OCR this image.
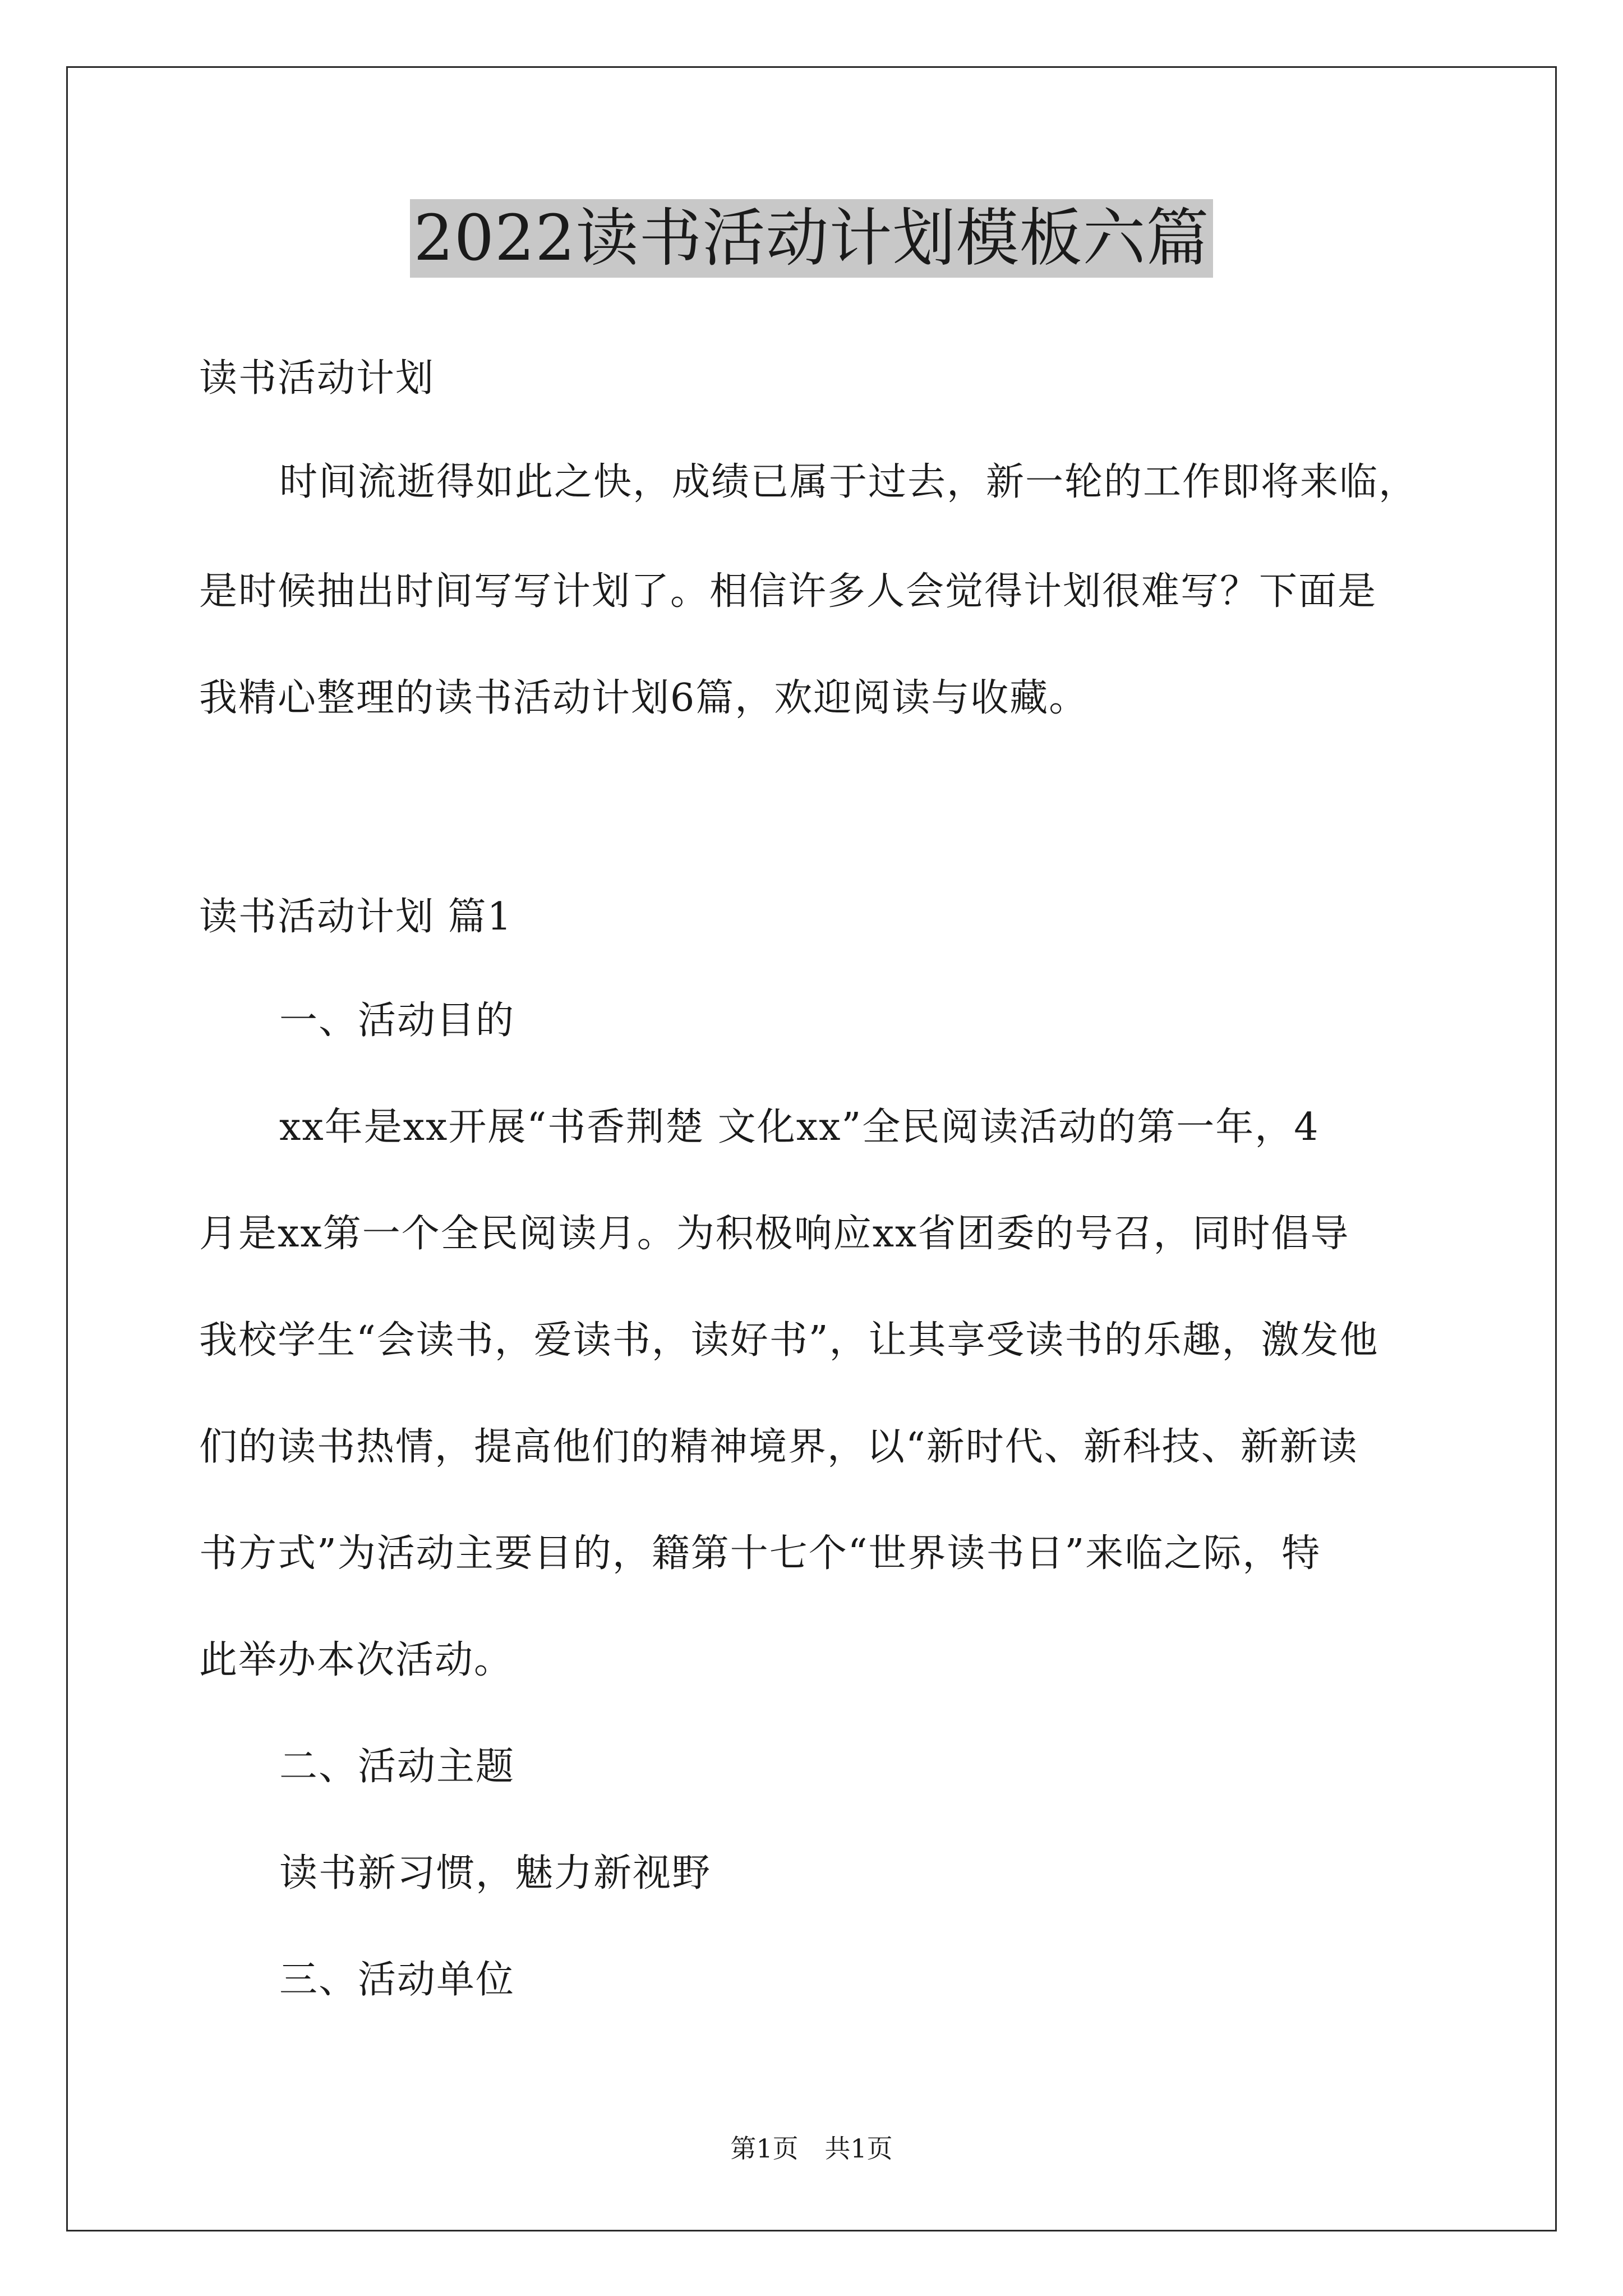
2022读书活动计划模板六篇
读书活动计划
时间流逝得如此之快，成绩已属于过去，新一轮的工作即将来临，
是时候抽出时间写写计划了。相信许多人会觉得计划很难写？下面是
我精心整理的读书活动计划6篇，欢迎阅读与收藏。
读书活动计划 篇1
一、活动目的
xx年是xx开展“书香荆楚 文化xx”全民阅读活动的第一年，4
月是xx第一个全民阅读月。为积极响应xx省团委的号召，同时倡导
我校学生“会读书，爱读书，读好书”，让其享受读书的乐趣，激发他
们的读书热情，提高他们的精神境界，以“新时代、新科技、新新读
书方式”为活动主要目的，籍第十七个“世界读书日”来临之际，特
此举办本次活动。
二、活动主题
读书新习惯，魅力新视野
三、活动单位
第1页 共1页
